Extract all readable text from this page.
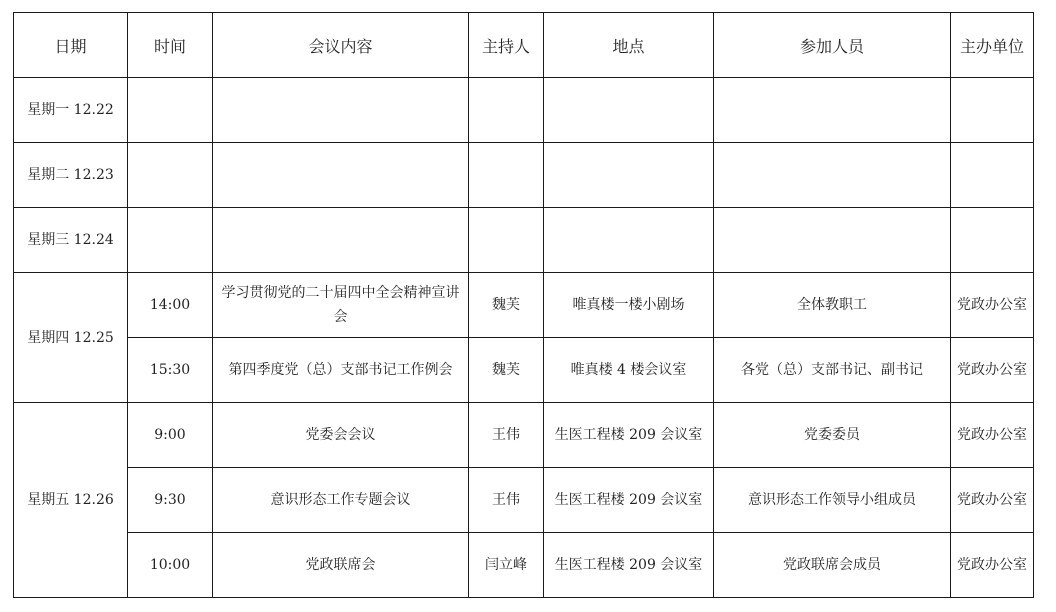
日期	时间	会议内容	主持人	地点	参加人员	主办单位
星期一 12.22						
星期二 12.23						
星期三 12.24						
星期四 12.25	14:00	学习贯彻党的二十届四中全会精神宣讲会	魏芙	唯真楼一楼小剧场	全体教职工	党政办公室
	15:30	第四季度党（总）支部书记工作例会	魏芙	唯真楼 4 楼会议室	各党（总）支部书记、副书记	党政办公室
星期五 12.26	9:00	党委会会议	王伟	生医工程楼 209 会议室	党委委员	党政办公室
	9:30	意识形态工作专题会议	王伟	生医工程楼 209 会议室	意识形态工作领导小组成员	党政办公室
	10:00	党政联席会	闫立峰	生医工程楼 209 会议室	党政联席会成员	党政办公室
